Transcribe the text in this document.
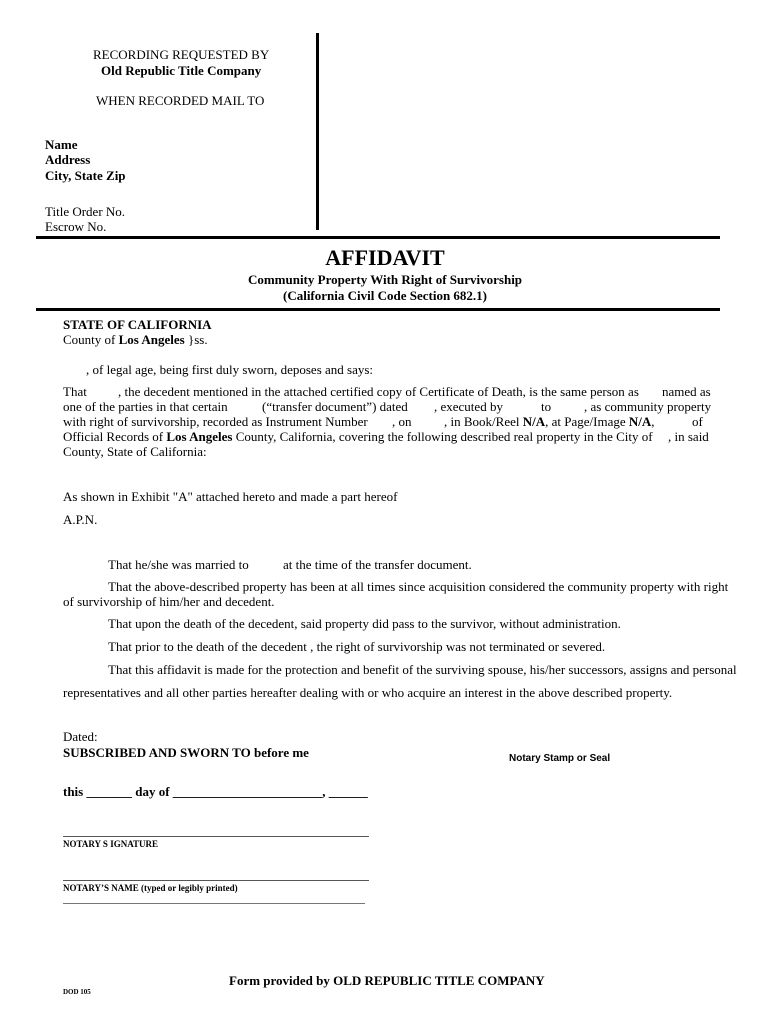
RECORDING REQUESTED BY
Old Republic Title Company
WHEN RECORDED MAIL TO
Name
Address
City, State Zip
Title Order No.
Escrow No.
AFFIDAVIT
Community Property With Right of Survivorship
(California Civil Code Section 682.1)
STATE OF CALIFORNIA
County of Los Angeles }ss.
, of legal age, being first duly sworn, deposes and says:
That , the decedent mentioned in the attached certified copy of Certificate of Death, is the same person as named as
one of the parties in that certain	(“transfer document”) dated , executed by	to	, as community property
with right of survivorship, recorded as Instrument Number , on	, in Book/Reel N/A, at Page/Image N/A,	of
Official Records of Los Angeles County, California, covering the following described real property in the City of , in said
County, State of California:
As shown in Exhibit "A" attached hereto and made a part hereof
A.P.N.
That he/she was married to	at the time of the transfer document.
That the above-described property has been at all times since acquisition considered the community property with right
of survivorship of him/her and decedent.
That upon the death of the decedent, said property did pass to the survivor, without administration.
That prior to the death of the decedent , the right of survivorship was not terminated or severed.
That this affidavit is made for the protection and benefit of the surviving spouse, his/her successors, assigns and personal
representatives and all other parties hereafter dealing with or who acquire an interest in the above described property.
Dated:
SUBSCRIBED AND SWORN TO before me	Notary Stamp or Seal
this _______ day of _______________________, ______
NOTARY S IGNATURE
NOTARY’S NAME (typed or legibly printed)
Form provided by OLD REPUBLIC TITLE COMPANY
DOD 105
